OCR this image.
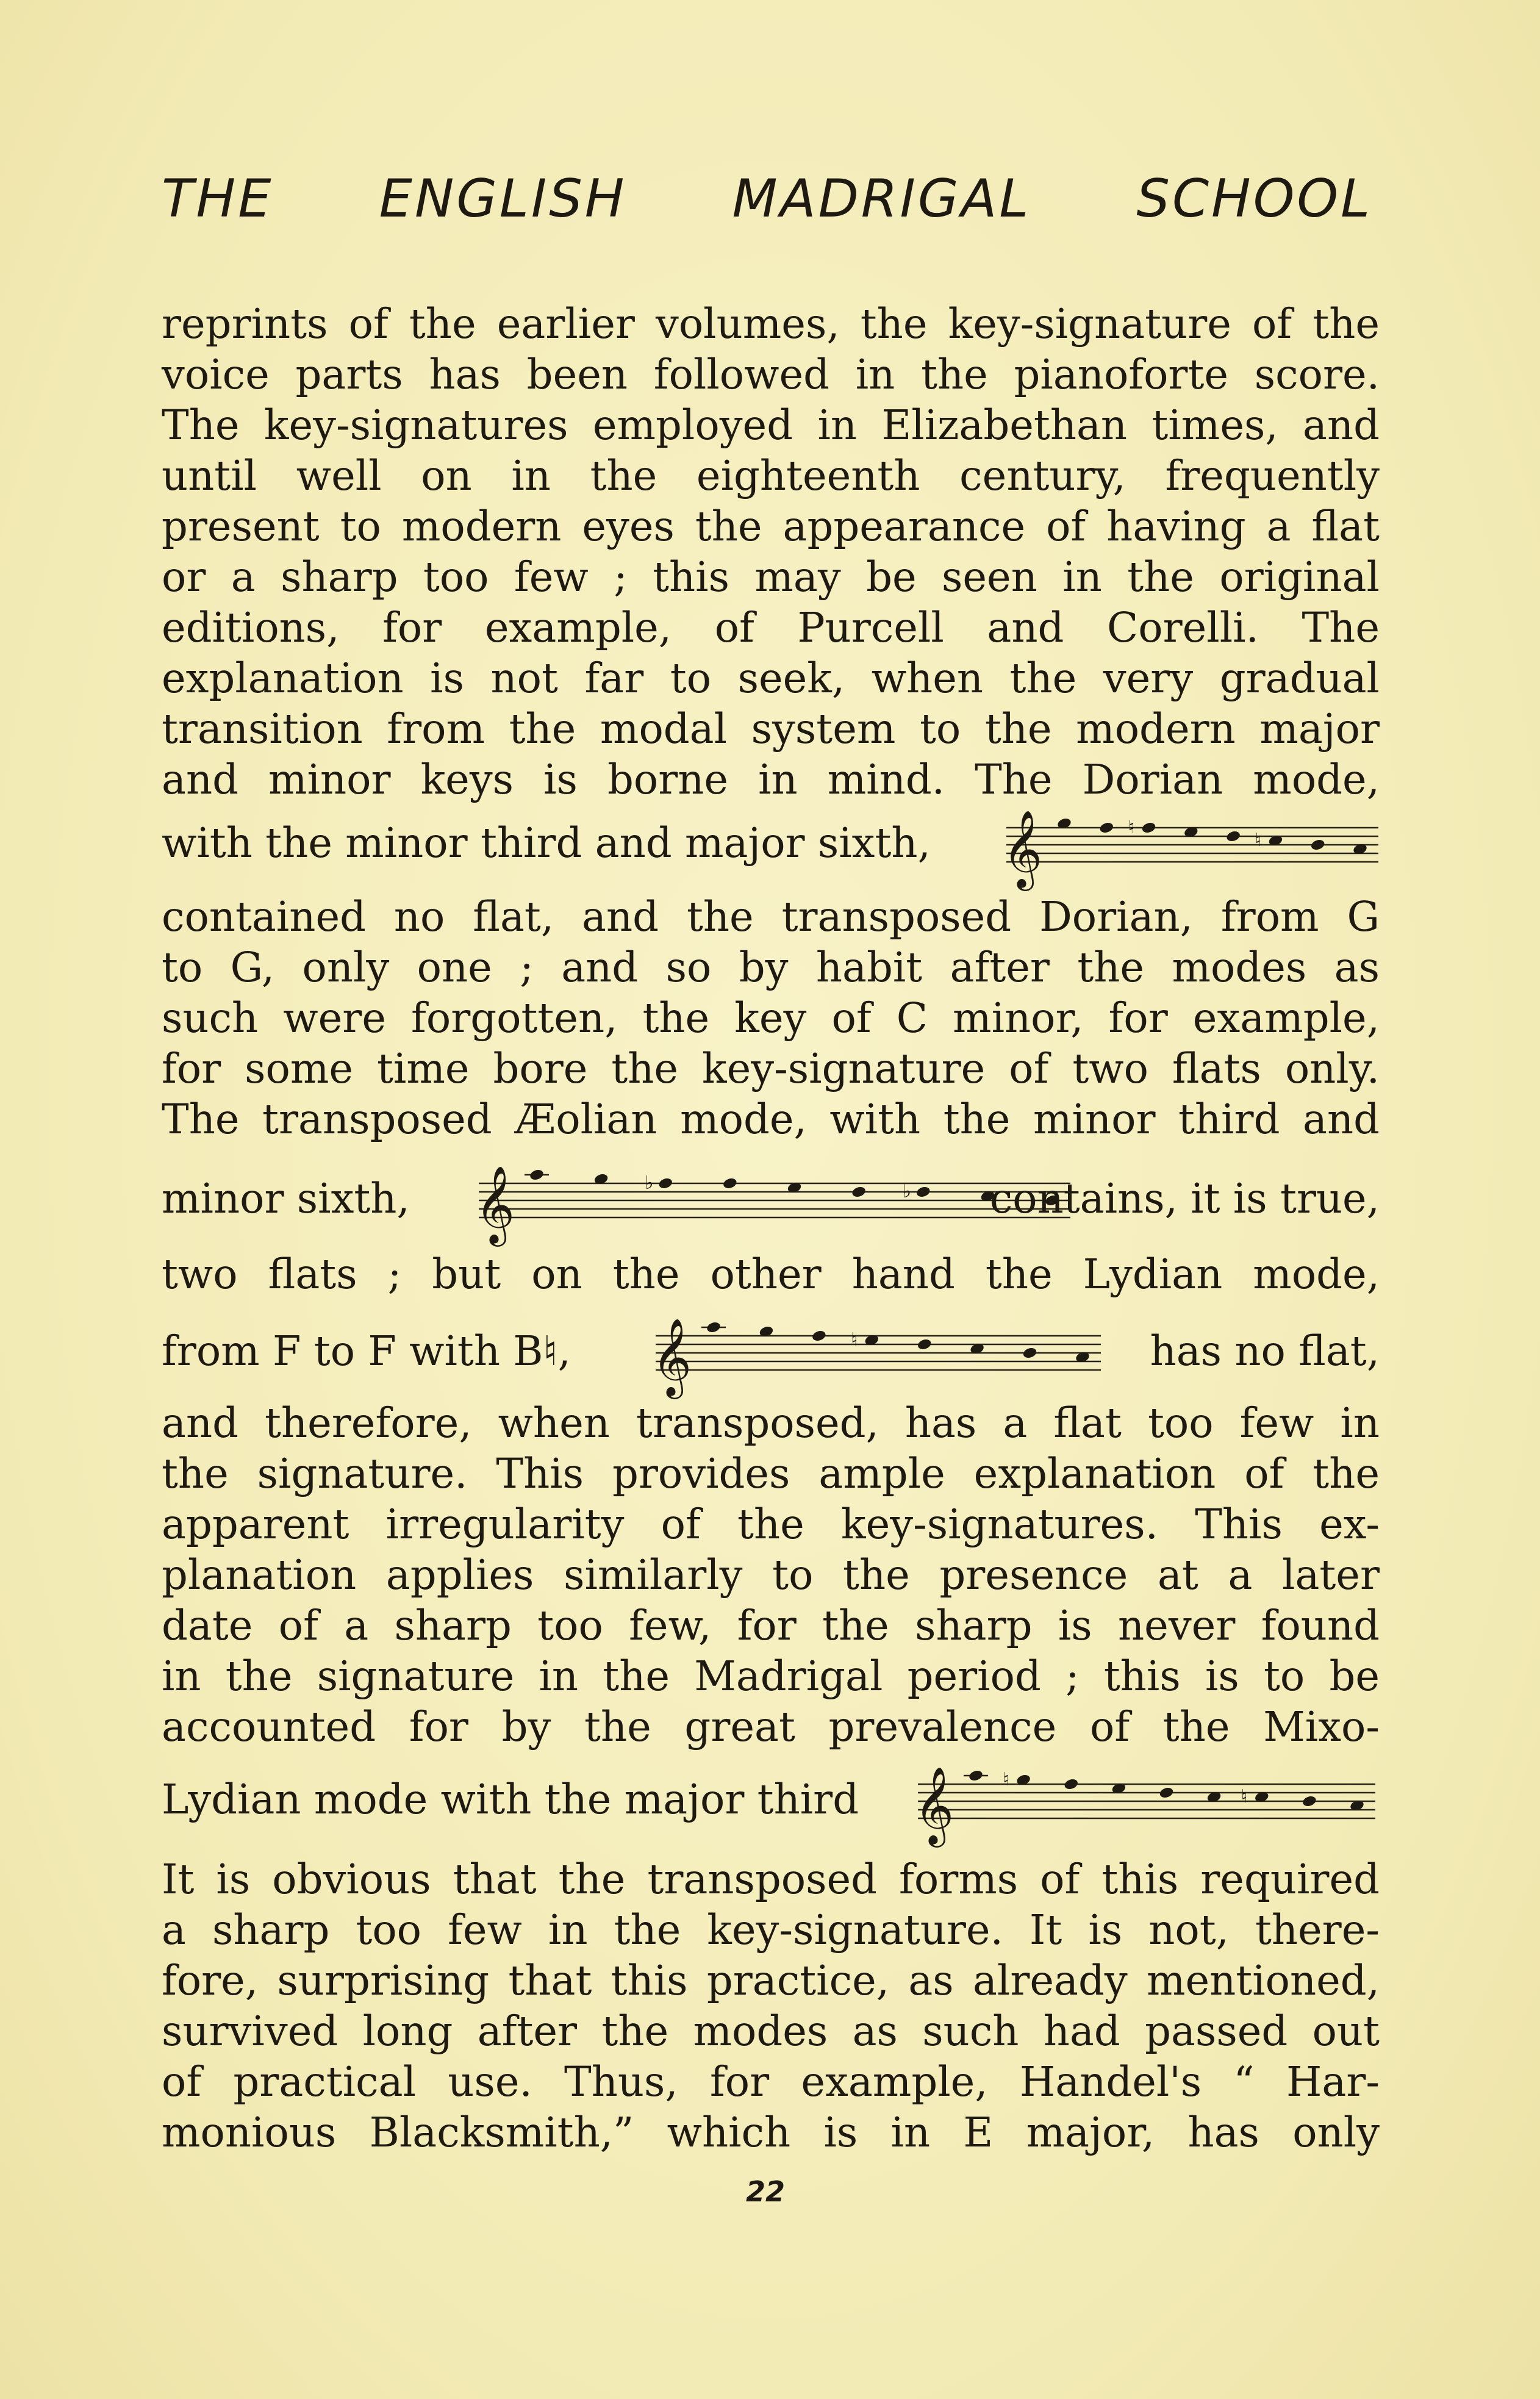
THE ENGLISH MADRIGAL SCHOOL
reprints of the earlier volumes, the key-signature of the
voice parts has been followed in the pianoforte score.
The key-signatures employed in Elizabethan times, and
until well on in the eighteenth century, frequently
present to modern eyes the appearance of having a flat
or a sharp too few ; this may be seen in the original
editions, for example, of Purcell and Corelli. The
explanation is not far to seek, when the very gradual
transition from the modal system to the modern major
and minor keys is borne in mind. The Dorian mode,
with the minor third and major sixth, 𝄞	♮
♮
contained no flat, and the transposed Dorian, from G
to G, only one ; and so by habit after the modes as
such were forgotten, the key of C minor, for example,
for some time bore the key-signature of two flats only.
The transposed Æolian mode, with the minor third and
minor sixth, 𝄞	♭	♭ contains, it is true,
two flats ; but on the other hand the Lydian mode,
from F to F with B♮, 𝄞	♮	has no flat,
and therefore, when transposed, has a flat too few in
the signature. This provides ample explanation of the
apparent irregularity of the key-signatures. This ex-
planation applies similarly to the presence at a later
date of a sharp too few, for the sharp is never found
in the signature in the Madrigal period ; this is to be
accounted for by the great prevalence of the Mixo-
Lydian mode with the major third 𝄞	♮
♮
It is obvious that the transposed forms of this required
a sharp too few in the key-signature. It is not, there-
fore, surprising that this practice, as already mentioned,
survived long after the modes as such had passed out
of practical use. Thus, for example, Handel's “ Har-
monious Blacksmith,” which is in E major, has only
22
